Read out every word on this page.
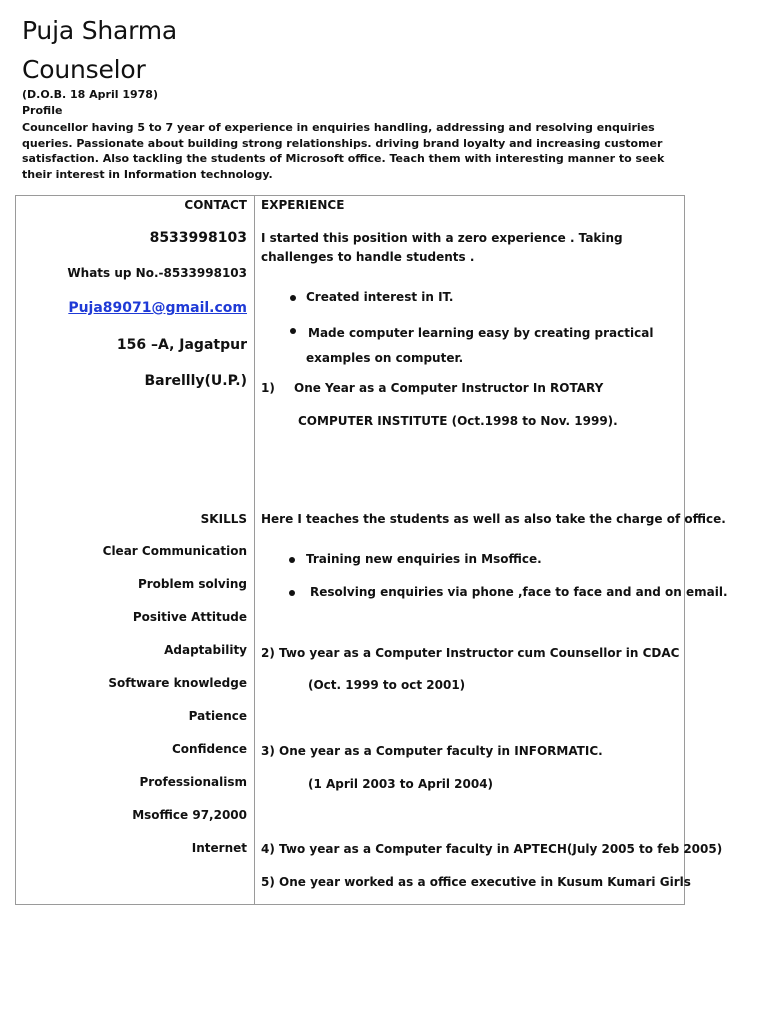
Puja Sharma
Counselor
(D.O.B. 18 April 1978)
Profile
Councellor having 5 to 7 year of experience in enquiries handling, addressing and resolving enquiries queries. Passionate about building strong relationships. driving brand loyalty and increasing customer satisfaction. Also tackling the students of Microsoft office. Teach them with interesting manner to seek their interest in Information technology.
CONTACT
8533998103
Whats up No.-8533998103
Puja89071@gmail.com
156 –A, Jagatpur
Barellly(U.P.)
SKILLS
Clear Communication
Problem solving
Positive Attitude
Adaptability
Software knowledge
Patience
Confidence
Professionalism
Msoffice 97,2000
Internet
EXPERIENCE
I started this position with a zero experience . Taking challenges to handle students .
Created interest in IT.
Made computer learning easy by creating practical examples on computer.
1) One Year as a Computer Instructor In ROTARY
COMPUTER INSTITUTE (Oct.1998 to Nov. 1999).
Here I teaches the students as well as also take the charge of office.
Training new enquiries in Msoffice.
Resolving enquiries via phone ,face to face and and on email.
2) Two year as a Computer Instructor cum Counsellor in CDAC
(Oct. 1999 to oct 2001)
3) One year as a Computer faculty in INFORMATIC.
(1 April 2003 to April 2004)
4) Two year as a Computer faculty in APTECH(July 2005 to feb 2005)
5) One year worked as a office executive in Kusum Kumari Girls
